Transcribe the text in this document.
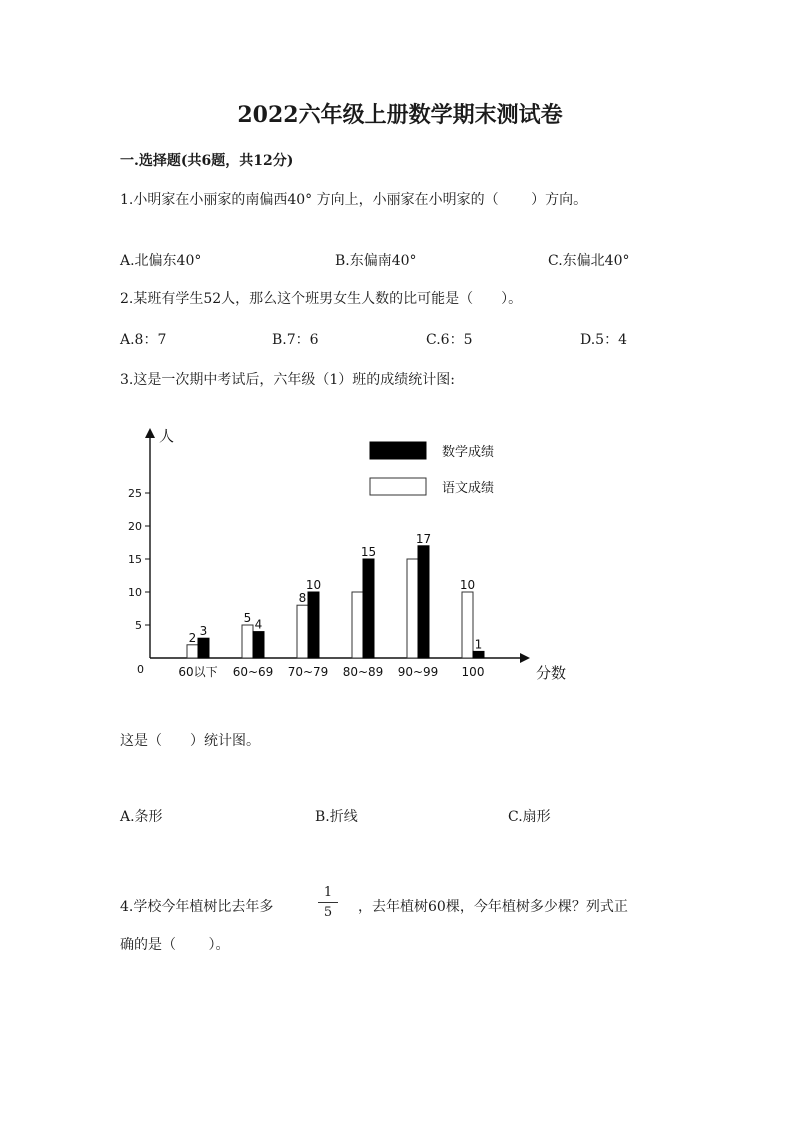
2022六年级上册数学期末测试卷
一.选择题(共6题，共12分)
1.小明家在小丽家的南偏西40° 方向上，小丽家在小明家的（　　 ）方向。
A.北偏东40°	B.东偏南40°	C.东偏北40°
2.某班有学生52人，那么这个班男女生人数的比可能是（　　）。
A.8：7	B.7：6	C.6：5	D.5：4
3.这是一次期中考试后，六年级（1）班的成绩统计图:
人
分数
0
5
10
15
20
25
2 3
60以下
5 4
60~69
8
10
70~79
15
80~89
17
90~99
10
1
100
数学成绩
语文成绩
这是（　　）统计图。
A.条形	B.折线	C.扇形
4.学校今年植树比去年多	$\frac{1}{5}$ ，去年植树60棵，今年植树多少棵？列式正
确的是（　　 ）。
